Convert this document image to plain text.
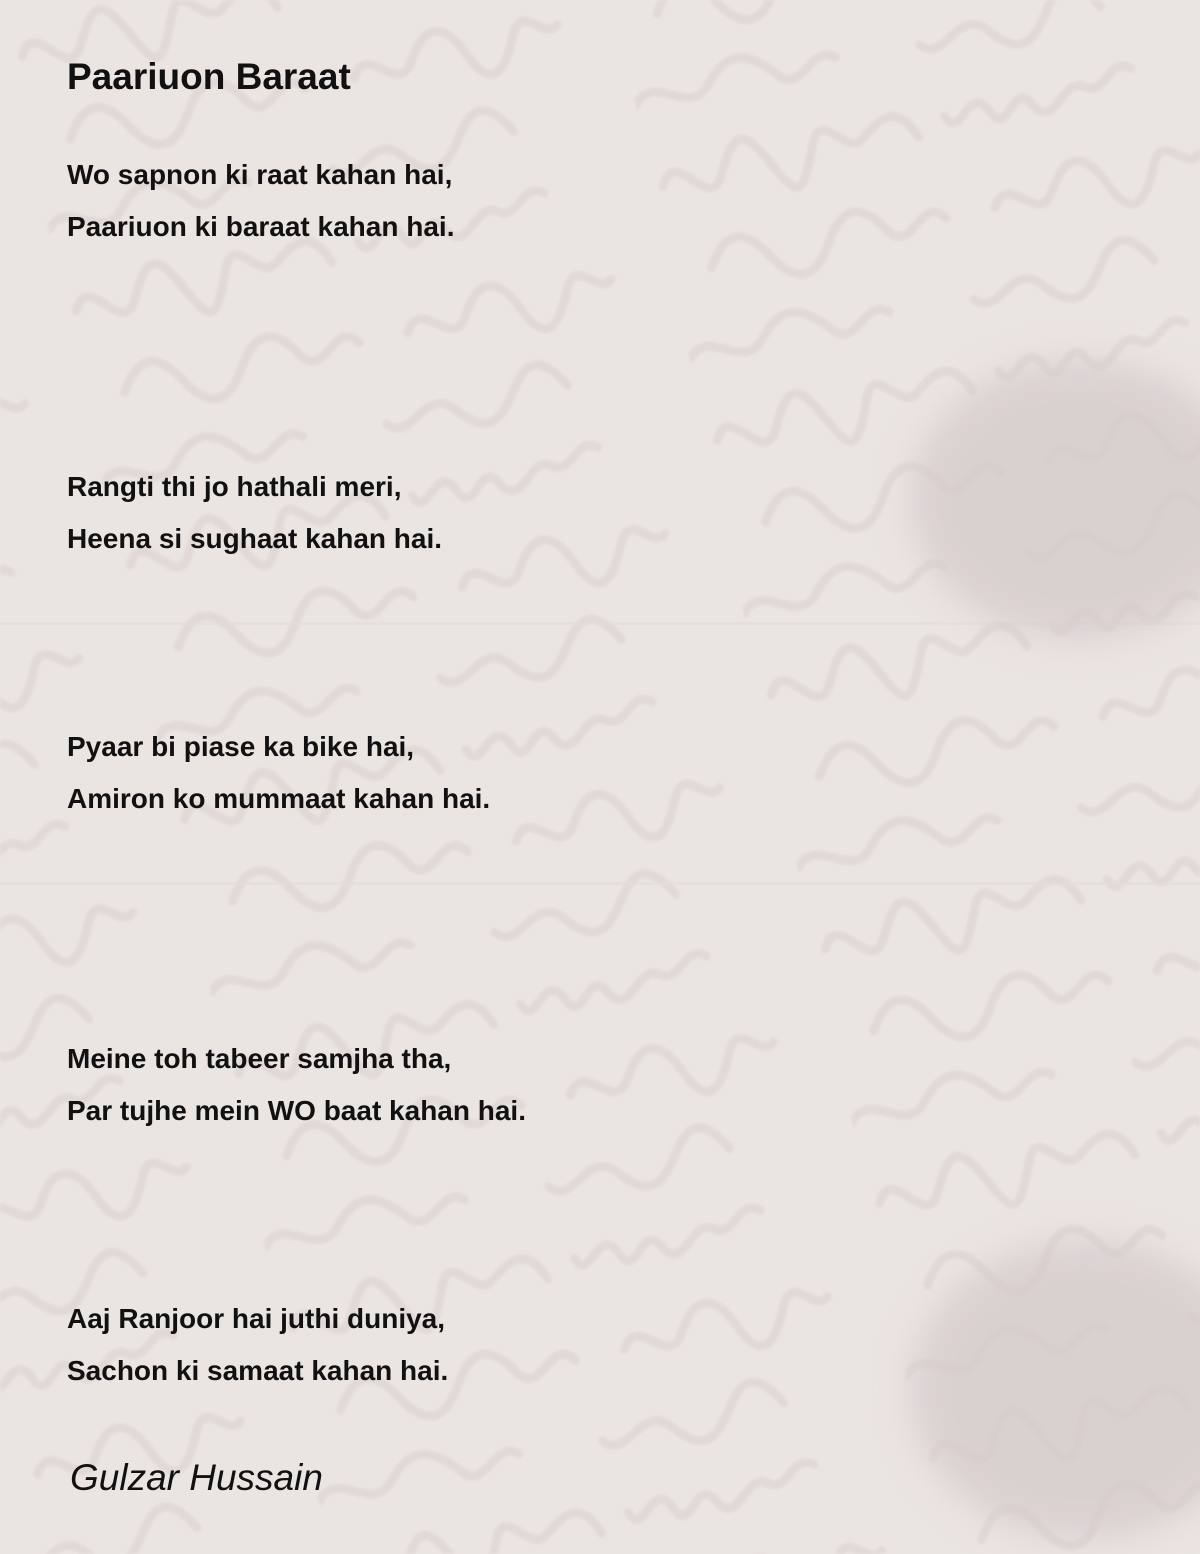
Paariuon Baraat
Wo sapnon ki raat kahan hai,
Paariuon ki baraat kahan hai.
Rangti thi jo hathali meri,
Heena si sughaat kahan hai.
Pyaar bi piase ka bike hai,
Amiron ko mummaat kahan hai.
Meine toh tabeer samjha tha,
Par tujhe mein WO baat kahan hai.
Aaj Ranjoor hai juthi duniya,
Sachon ki samaat kahan hai.
Gulzar Hussain
